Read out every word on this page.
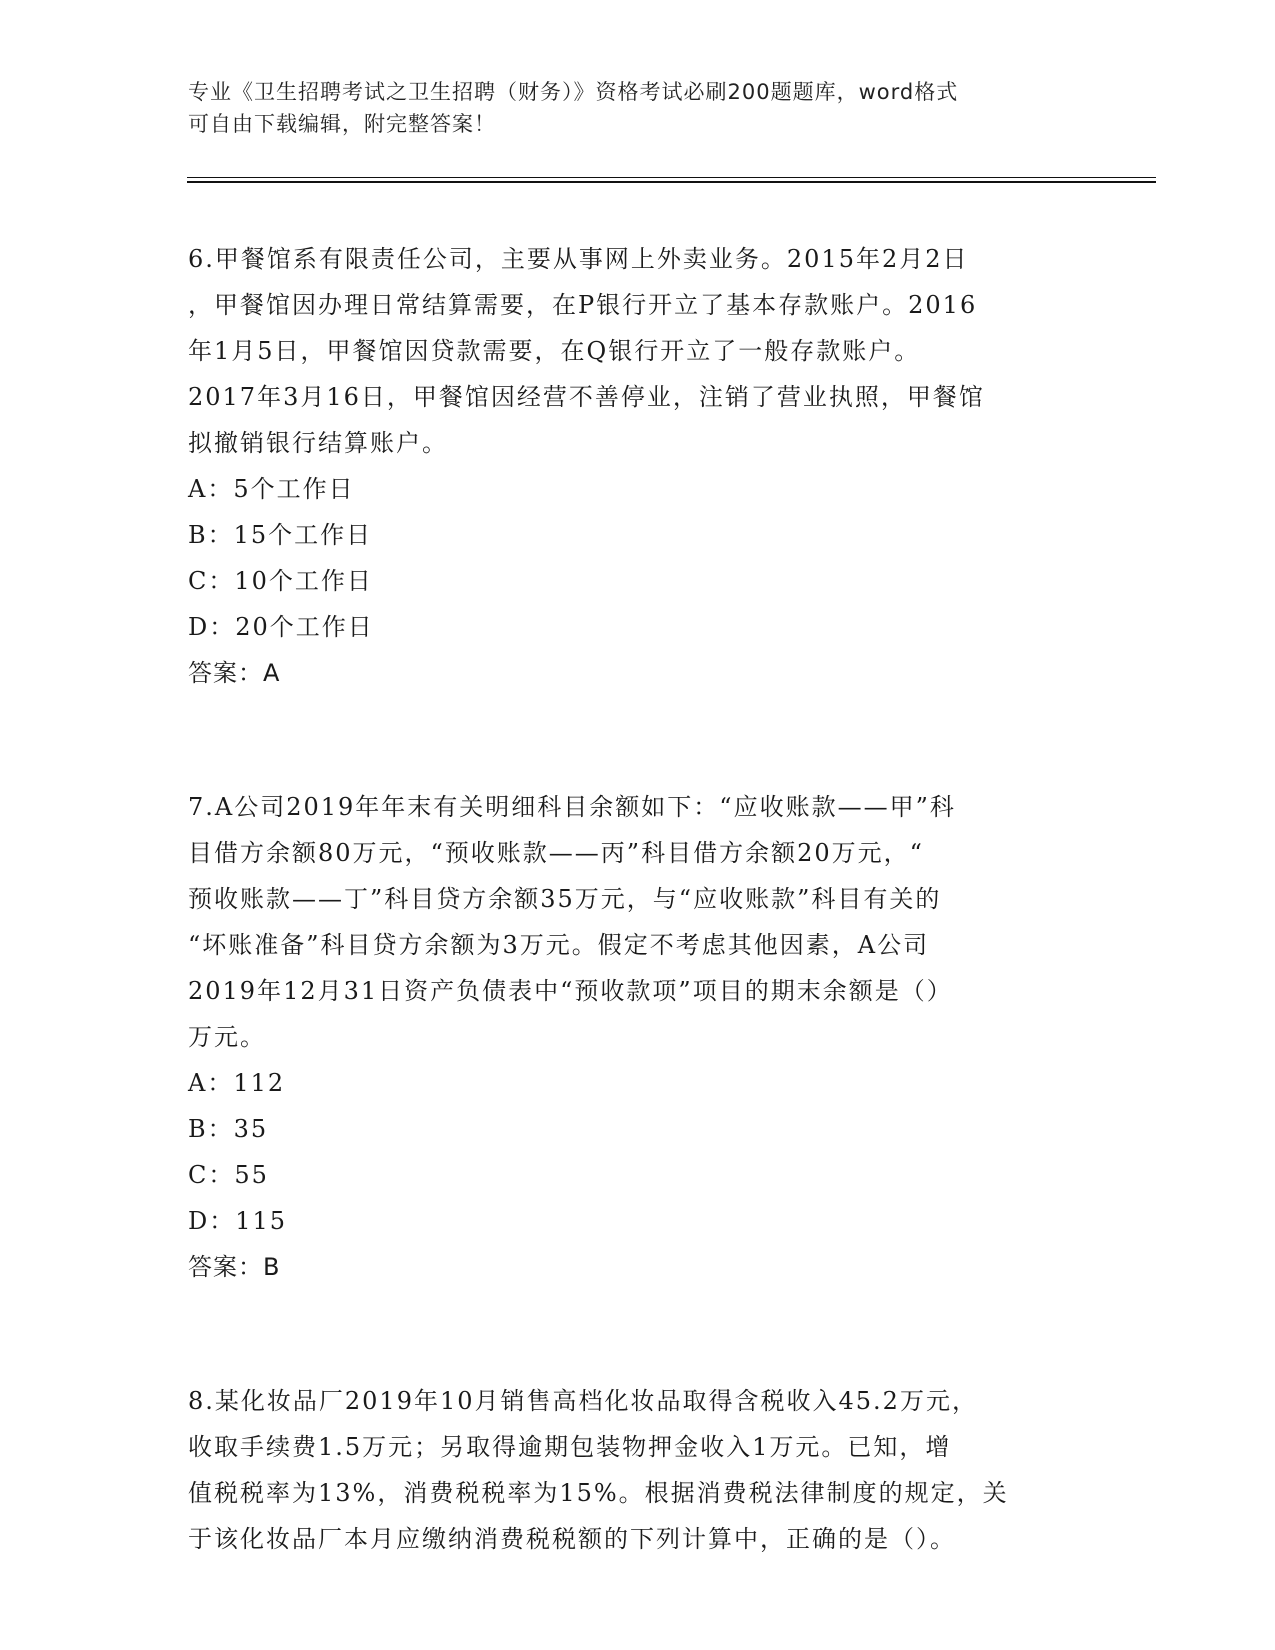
专业《卫生招聘考试之卫生招聘（财务）》资格考试必刷200题题库，word格式
可自由下载编辑，附完整答案！
6.甲餐馆系有限责任公司，主要从事网上外卖业务。2015年2月2日
，甲餐馆因办理日常结算需要，在P银行开立了基本存款账户。2016
年1月5日，甲餐馆因贷款需要，在Q银行开立了一般存款账户。
2017年3月16日，甲餐馆因经营不善停业，注销了营业执照，甲餐馆
拟撤销银行结算账户。
A：5个工作日
B：15个工作日
C：10个工作日
D：20个工作日
答案：A
7.A公司2019年年末有关明细科目余额如下：“应收账款——甲”科
目借方余额80万元，“预收账款——丙”科目借方余额20万元，“
预收账款——丁”科目贷方余额35万元，与“应收账款”科目有关的
“坏账准备”科目贷方余额为3万元。假定不考虑其他因素，A公司
2019年12月31日资产负债表中“预收款项”项目的期末余额是（）
万元。
A：112
B：35
C：55
D：115
答案：B
8.某化妆品厂2019年10月销售高档化妆品取得含税收入45.2万元，
收取手续费1.5万元；另取得逾期包装物押金收入1万元。已知，增
值税税率为13%，消费税税率为15%。根据消费税法律制度的规定，关
于该化妆品厂本月应缴纳消费税税额的下列计算中，正确的是（）。
